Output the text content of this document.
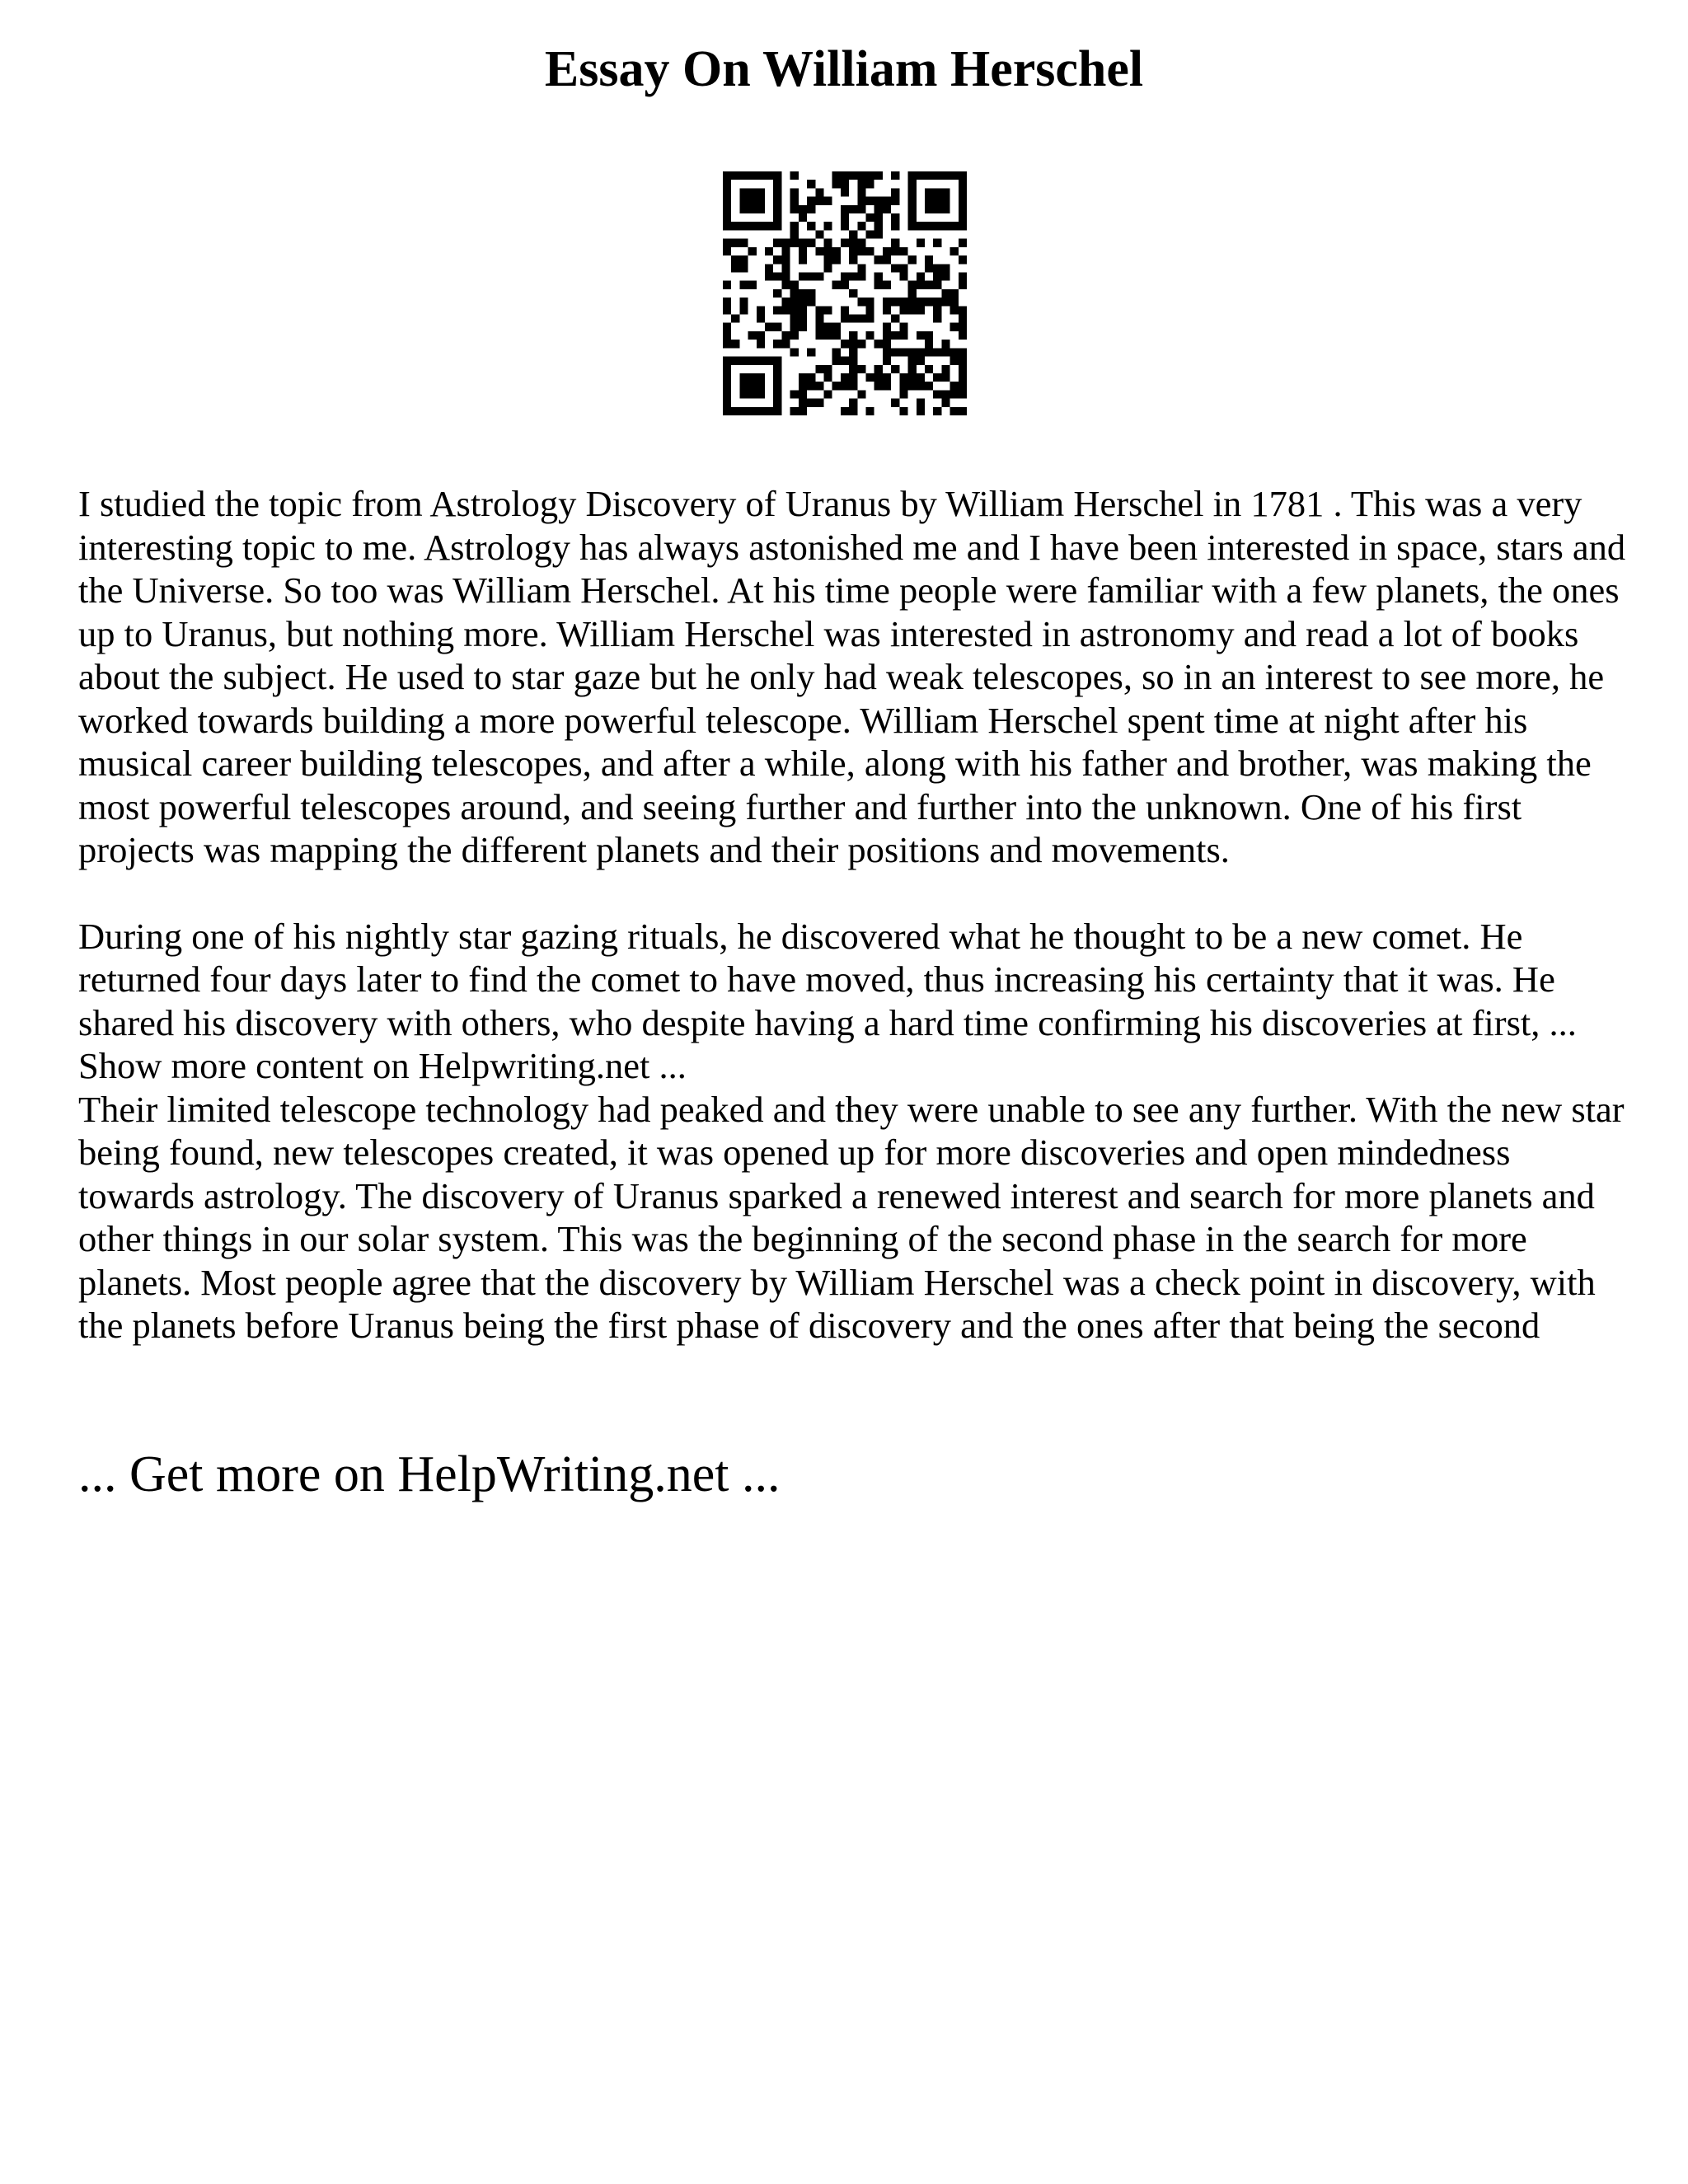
Essay On William Herschel

I studied the topic from Astrology Discovery of Uranus by William Herschel in 1781 . This was a very interesting topic to me. Astrology has always astonished me and I have been interested in space, stars and the Universe. So too was William Herschel. At his time people were familiar with a few planets, the ones up to Uranus, but nothing more. William Herschel was interested in astronomy and read a lot of books about the subject. He used to star gaze but he only had weak telescopes, so in an interest to see more, he worked towards building a more powerful telescope. William Herschel spent time at night after his musical career building telescopes, and after a while, along with his father and brother, was making the most powerful telescopes around, and seeing further and further into the unknown. One of his first projects was mapping the different planets and their positions and movements.

During one of his nightly star gazing rituals, he discovered what he thought to be a new comet. He returned four days later to find the comet to have moved, thus increasing his certainty that it was. He shared his discovery with others, who despite having a hard time confirming his discoveries at first, ...
Show more content on Helpwriting.net ...

Their limited telescope technology had peaked and they were unable to see any further. With the new star being found, new telescopes created, it was opened up for more discoveries and open mindedness towards astrology. The discovery of Uranus sparked a renewed interest and search for more planets and other things in our solar system. This was the beginning of the second phase in the search for more planets. Most people agree that the discovery by William Herschel was a check point in discovery, with the planets before Uranus being the first phase of discovery and the ones after that being the second

... Get more on HelpWriting.net ...
